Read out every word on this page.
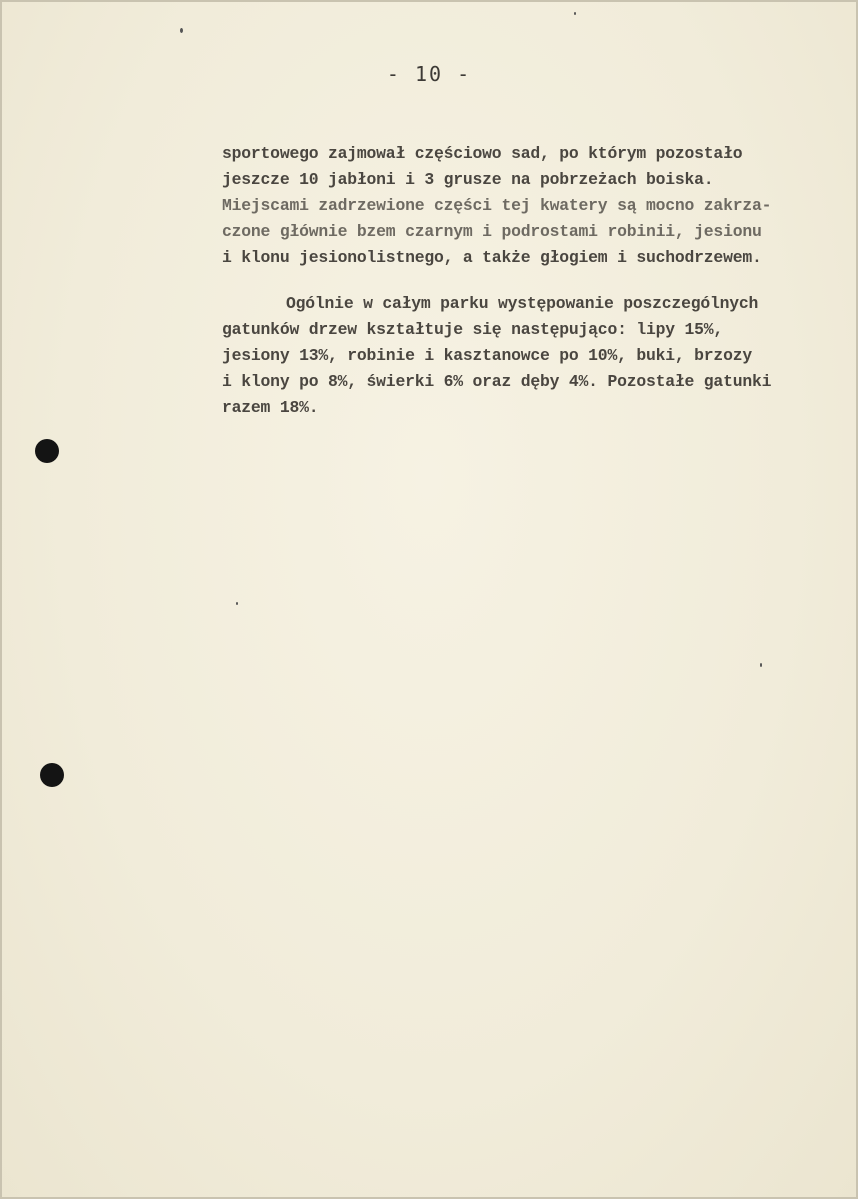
- 10 -
sportowego zajmował częściowo sad, po którym pozostało
jeszcze 10 jabłoni i 3 grusze na pobrzeżach boiska.
Miejscami zadrzewione części tej kwatery są mocno zakrza-
czone głównie bzem czarnym i podrostami robinii, jesionu
i klonu jesionolistnego, a także głogiem i suchodrzewem.
Ogólnie w całym parku występowanie poszczególnych
gatunków drzew kształtuje się następująco: lipy 15%,
jesiony 13%, robinie i kasztanowce po 10%, buki, brzozy
i klony po 8%, świerki 6% oraz dęby 4%. Pozostałe gatunki
razem 18%.
